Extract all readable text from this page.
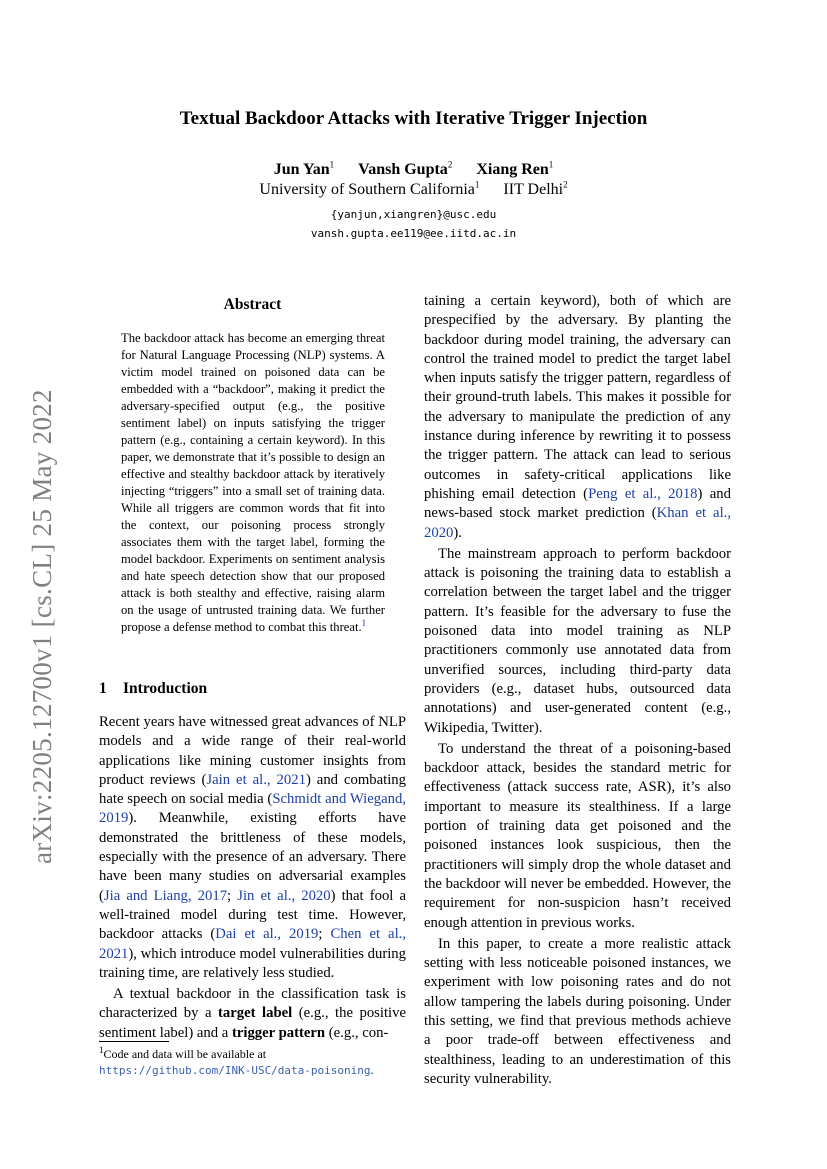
arXiv:2205.12700v1 [cs.CL] 25 May 2022
Textual Backdoor Attacks with Iterative Trigger Injection
Jun Yan$^1$ Vansh Gupta$^2$ Xiang Ren$^1$
University of Southern California$^1$ IIT Delhi$^2$
{yanjun,xiangren}@usc.edu
vansh.gupta.ee119@ee.iitd.ac.in
Abstract
The backdoor attack has become an emerging threat for Natural Language Processing (NLP) systems. A victim model trained on poisoned data can be embedded with a “backdoor”, making it predict the adversary-specified output (e.g., the positive sentiment label) on inputs satisfying the trigger pattern (e.g., containing a certain keyword). In this paper, we demonstrate that it’s possible to design an effective and stealthy backdoor attack by iteratively injecting “triggers” into a small set of training data. While all triggers are common words that fit into the context, our poisoning process strongly associates them with the target label, forming the model backdoor. Experiments on sentiment analysis and hate speech detection show that our proposed attack is both stealthy and effective, raising alarm on the usage of untrusted training data. We further propose a defense method to combat this threat.$^1$
1 Introduction

Recent years have witnessed great advances of NLP models and a wide range of their real-world applications like mining customer insights from product reviews (Jain et al., 2021) and combating hate speech on social media (Schmidt and Wiegand, 2019). Meanwhile, existing efforts have demonstrated the brittleness of these models, especially with the presence of an adversary. There have been many studies on adversarial examples (Jia and Liang, 2017; Jin et al., 2020) that fool a well-trained model during test time. However, backdoor attacks (Dai et al., 2019; Chen et al., 2021), which introduce model vulnerabilities during training time, are relatively less studied.

A textual backdoor in the classification task is characterized by a target label (e.g., the positive sentiment label) and a trigger pattern (e.g., con-

$^1$Code and data will be available at https://github.com/INK-USC/data-poisoning.

taining a certain keyword), both of which are prespecified by the adversary. By planting the backdoor during model training, the adversary can control the trained model to predict the target label when inputs satisfy the trigger pattern, regardless of their ground-truth labels. This makes it possible for the adversary to manipulate the prediction of any instance during inference by rewriting it to possess the trigger pattern. The attack can lead to serious outcomes in safety-critical applications like phishing email detection (Peng et al., 2018) and news-based stock market prediction (Khan et al., 2020).

The mainstream approach to perform backdoor attack is poisoning the training data to establish a correlation between the target label and the trigger pattern. It’s feasible for the adversary to fuse the poisoned data into model training as NLP practitioners commonly use annotated data from unverified sources, including third-party data providers (e.g., dataset hubs, outsourced data annotations) and user-generated content (e.g., Wikipedia, Twitter).

To understand the threat of a poisoning-based backdoor attack, besides the standard metric for effectiveness (attack success rate, ASR), it’s also important to measure its stealthiness. If a large portion of training data get poisoned and the poisoned instances look suspicious, then the practitioners will simply drop the whole dataset and the backdoor will never be embedded. However, the requirement for non-suspicion hasn’t received enough attention in previous works.

In this paper, to create a more realistic attack setting with less noticeable poisoned instances, we experiment with low poisoning rates and do not allow tampering the labels during poisoning. Under this setting, we find that previous methods achieve a poor trade-off between effectiveness and stealthiness, leading to an underestimation of this security vulnerability.
